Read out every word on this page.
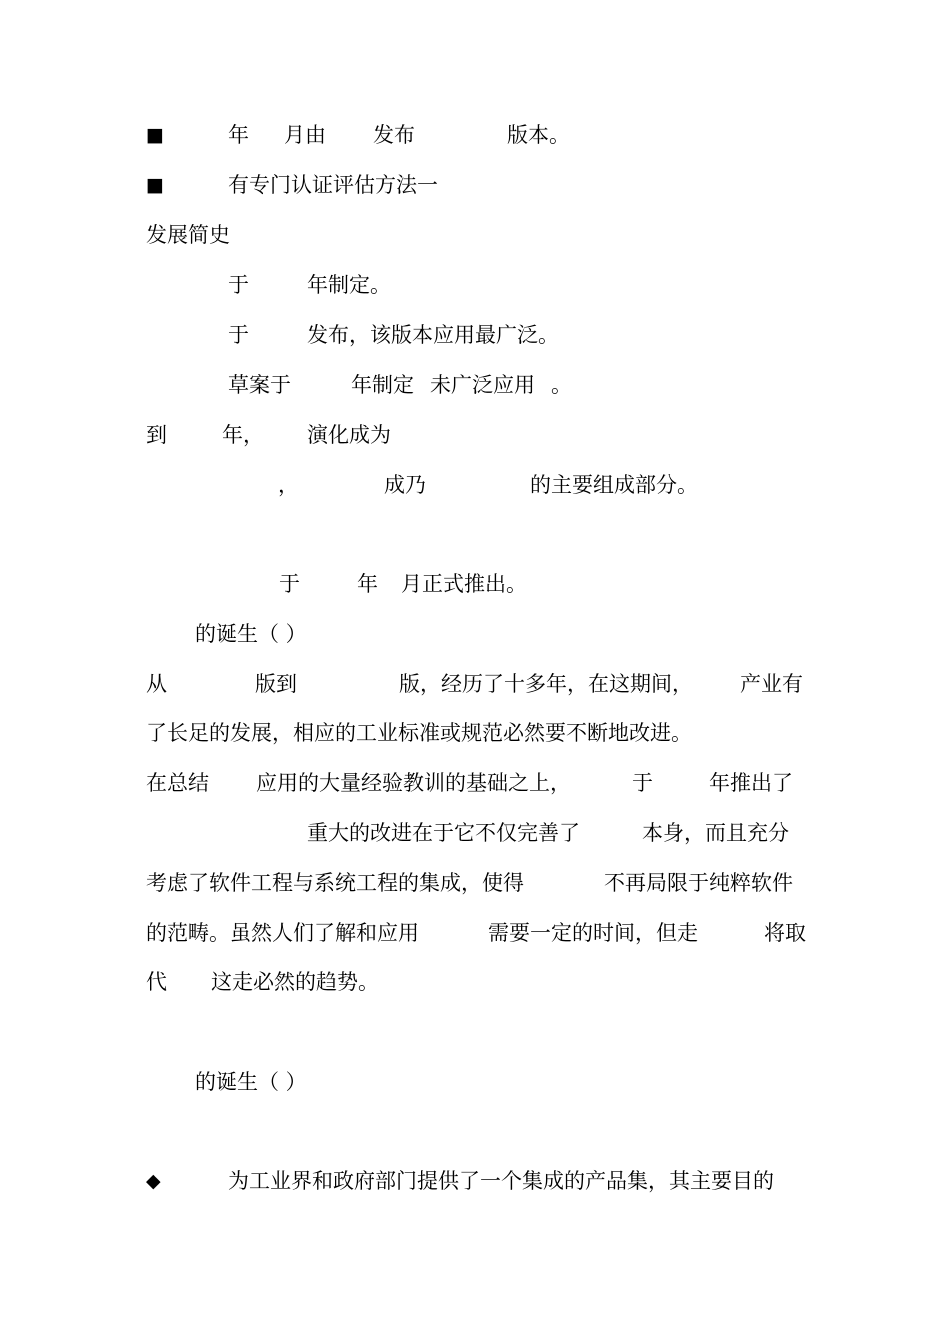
■	年 月由 发布	版本。
■	有专门认证评估方法一
发展简史
于	年制定。
于	发布，该版本应用最广泛。
草案于	年制定 未广泛应用 。
到	年， 演化成为
，	成乃	的主要组成部分。
于	年 月正式推出。
的诞生（ ）
从	版到	版，经历了十多年，在这期间， 产业有
了长足的发展，相应的工业标准或规范必然要不断地改进。
在总结 应用的大量经验教训的基础之上，	于	年推出了
重大的改进在于它不仅完善了	本身，而且充分
考虑了软件工程与系统工程的集成，使得	不再局限于纯粹软件
的范畴。虽然人们了解和应用	需要一定的时间，但走	将取
代 这走必然的趋势。
的诞生（ ）
◆	为工业界和政府部门提供了一个集成的产品集，其主要目的
